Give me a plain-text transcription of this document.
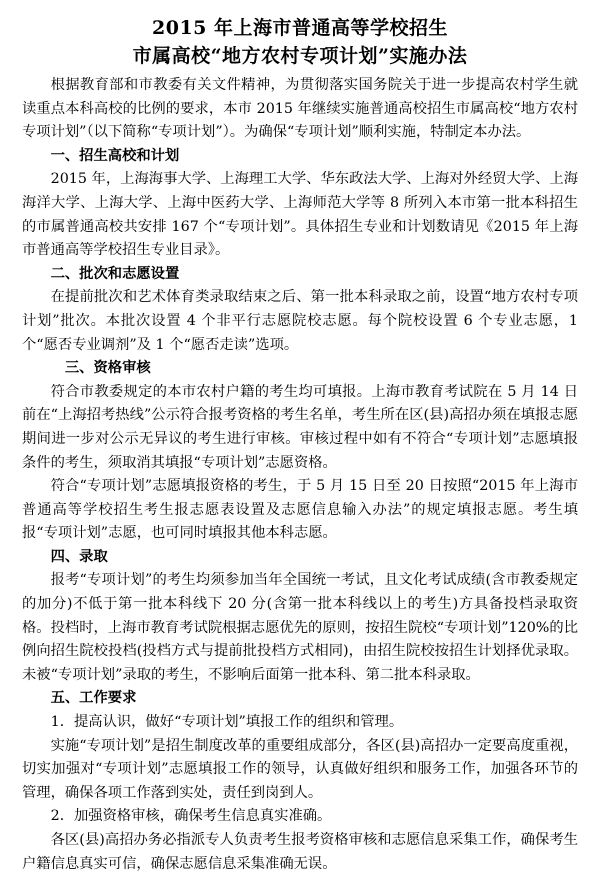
2015 年上海市普通高等学校招生
市属高校“地方农村专项计划”实施办法

根据教育部和市教委有关文件精神，为贯彻落实国务院关于进一步提高农村学生就读重点本科高校的比例的要求，本市 2015 年继续实施普通高校招生市属高校“地方农村专项计划”（以下简称“专项计划”）。为确保“专项计划”顺利实施，特制定本办法。

一、招生高校和计划

2015 年，上海海事大学、上海理工大学、华东政法大学、上海对外经贸大学、上海海洋大学、上海大学、上海中医药大学、上海师范大学等 8 所列入本市第一批本科招生的市属普通高校共安排 167 个“专项计划”。具体招生专业和计划数请见《2015 年上海市普通高等学校招生专业目录》。

二、批次和志愿设置

在提前批次和艺术体育类录取结束之后、第一批本科录取之前，设置“地方农村专项计划”批次。本批次设置 4 个非平行志愿院校志愿。每个院校设置 6 个专业志愿，1 个“愿否专业调剂”及 1 个“愿否走读”选项。

三、资格审核

符合市教委规定的本市农村户籍的考生均可填报。上海市教育考试院在 5 月 14 日前在“上海招考热线”公示符合报考资格的考生名单，考生所在区(县)高招办须在填报志愿期间进一步对公示无异议的考生进行审核。审核过程中如有不符合“专项计划”志愿填报条件的考生，须取消其填报“专项计划”志愿资格。

符合“专项计划”志愿填报资格的考生，于 5 月 15 日至 20 日按照“2015 年上海市普通高等学校招生考生报志愿表设置及志愿信息输入办法”的规定填报志愿。考生填报“专项计划”志愿，也可同时填报其他本科志愿。

四、录取

报考“专项计划”的考生均须参加当年全国统一考试，且文化考试成绩(含市教委规定的加分)不低于第一批本科线下 20 分(含第一批本科线以上的考生)方具备投档录取资格。投档时，上海市教育考试院根据志愿优先的原则，按招生院校“专项计划”120%的比例向招生院校投档(投档方式与提前批投档方式相同)，由招生院校按招生计划择优录取。未被“专项计划”录取的考生，不影响后面第一批本科、第二批本科录取。

五、工作要求

1．提高认识，做好“专项计划”填报工作的组织和管理。

实施“专项计划”是招生制度改革的重要组成部分，各区(县)高招办一定要高度重视，切实加强对“专项计划”志愿填报工作的领导，认真做好组织和服务工作，加强各环节的管理，确保各项工作落到实处，责任到岗到人。

2．加强资格审核，确保考生信息真实准确。

各区(县)高招办务必指派专人负责考生报考资格审核和志愿信息采集工作，确保考生户籍信息真实可信，确保志愿信息采集准确无误。
